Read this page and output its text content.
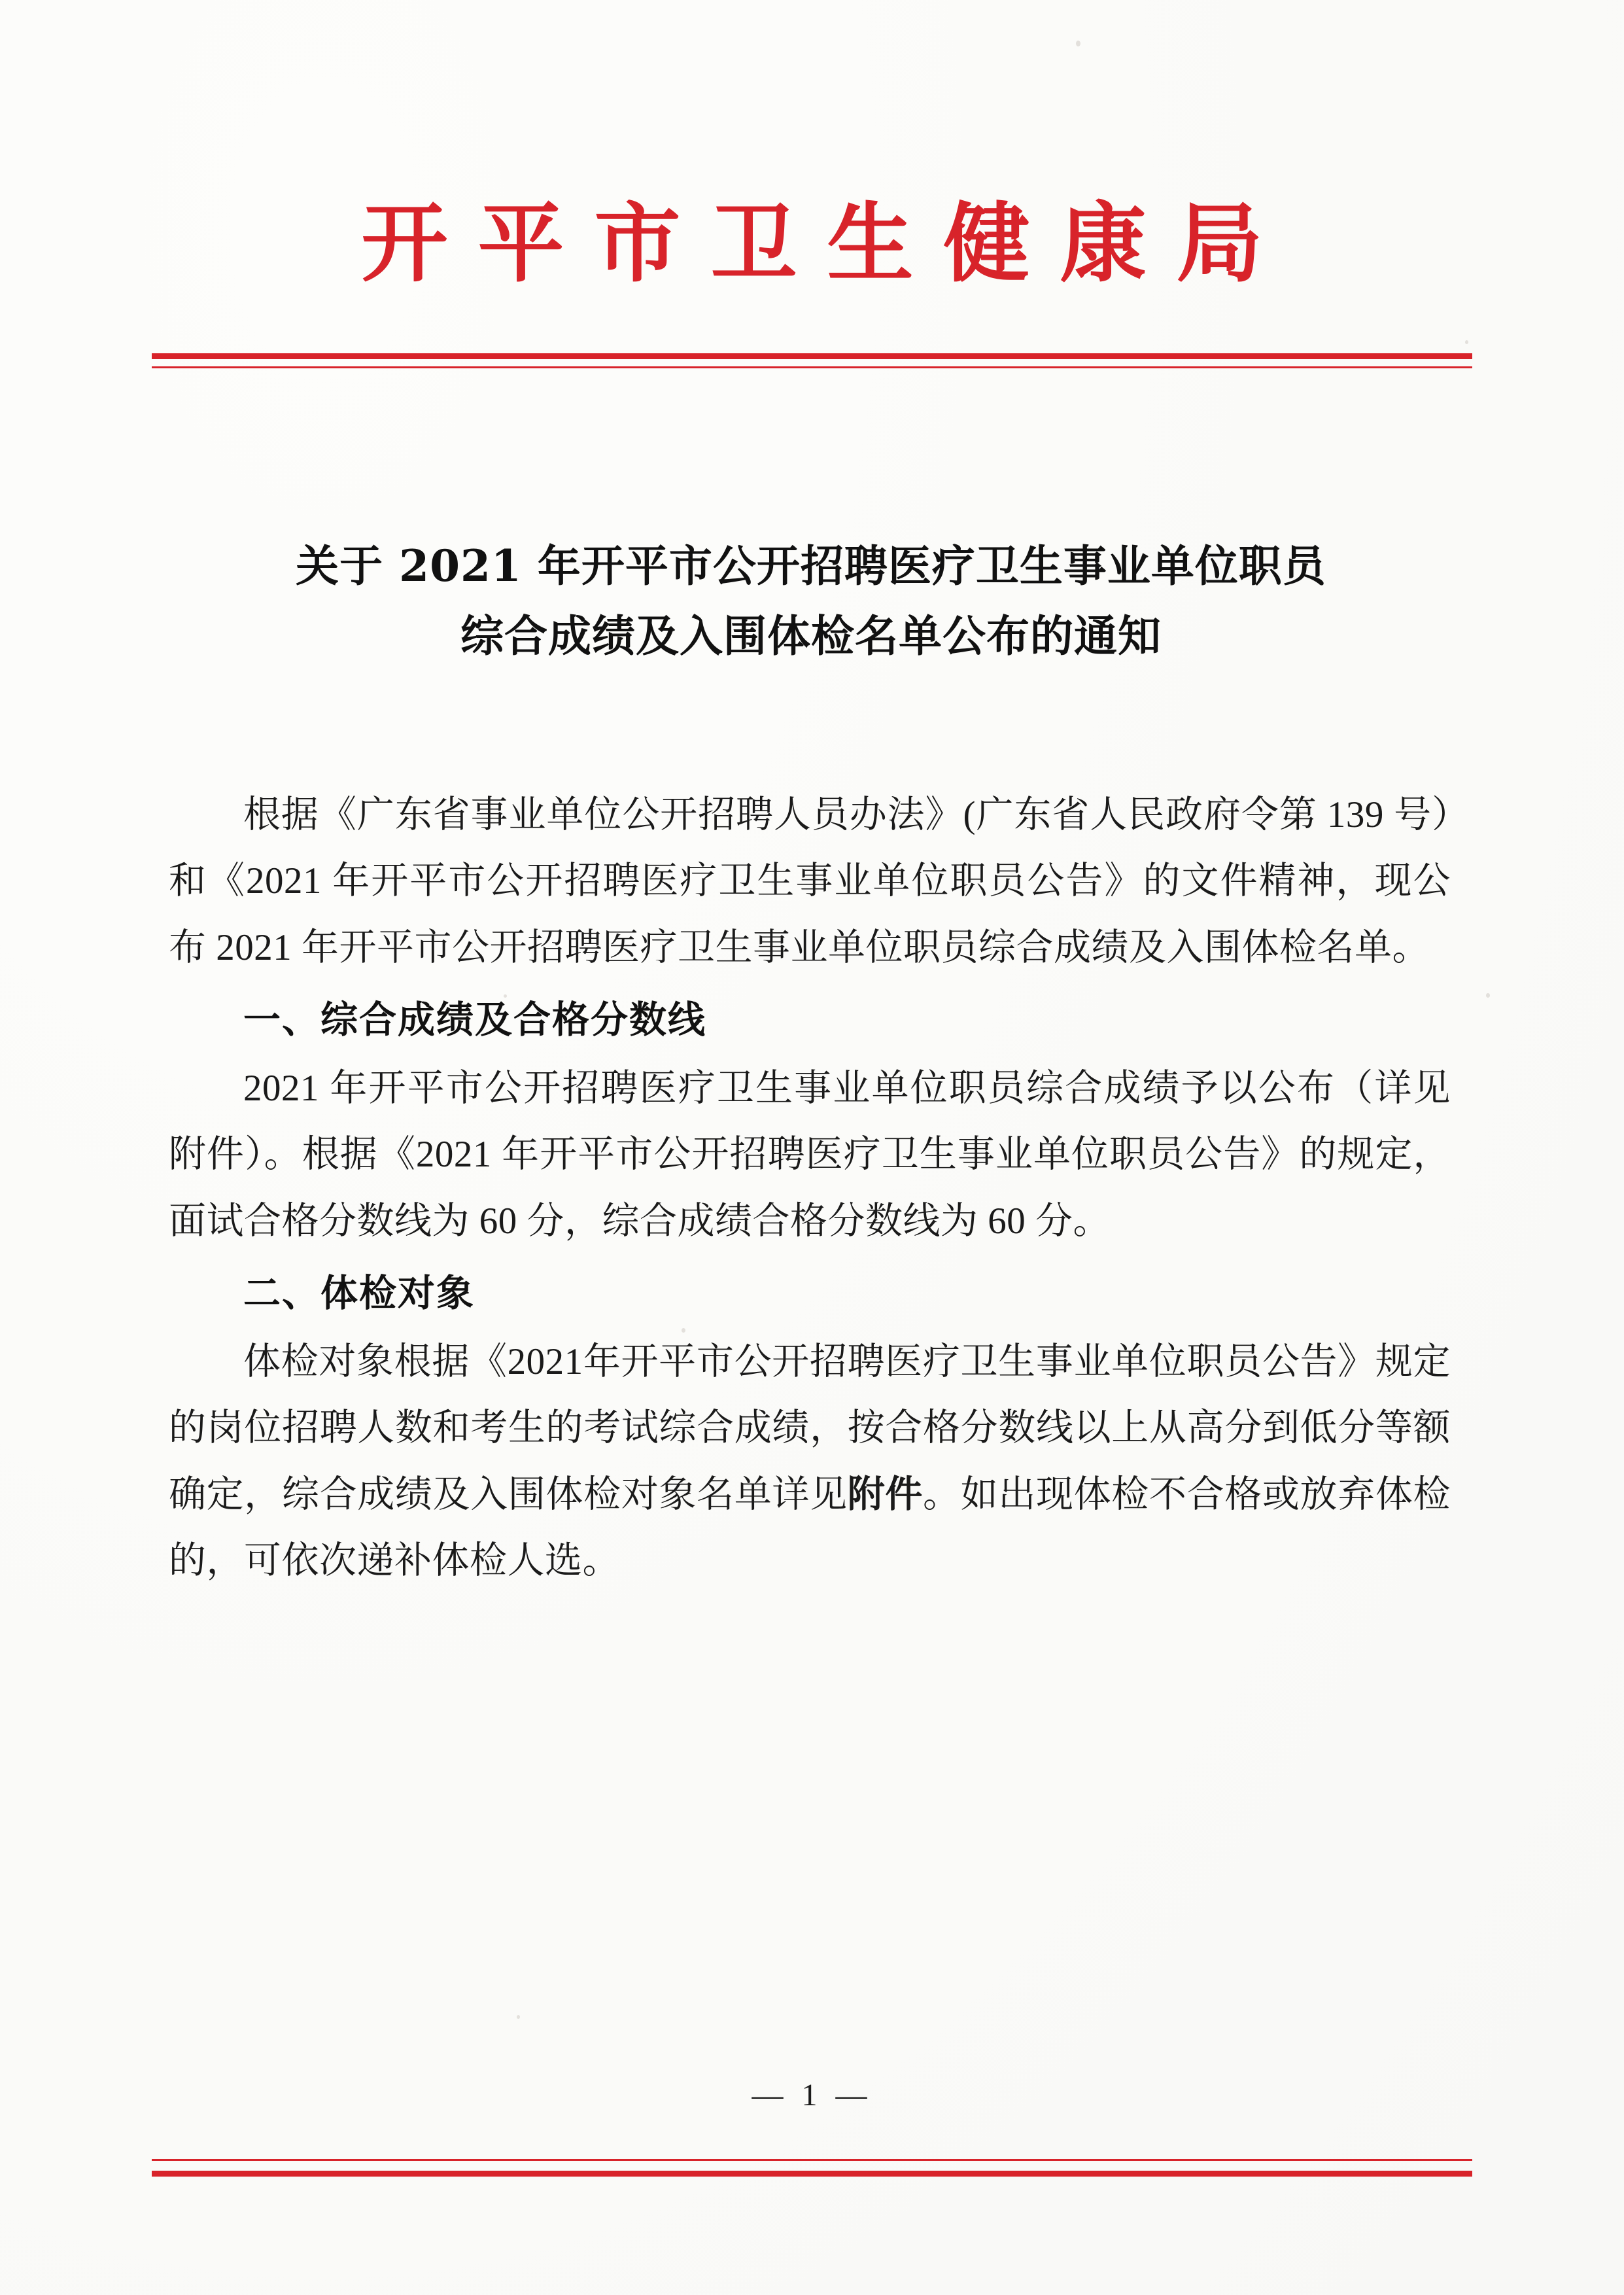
开平市卫生健康局
关于 2021 年开平市公开招聘医疗卫生事业单位职员
综合成绩及入围体检名单公布的通知

根据《广东省事业单位公开招聘人员办法》(广东省人民政府令第 139 号）和《2021 年开平市公开招聘医疗卫生事业单位职员公告》的文件精神，现公布 2021 年开平市公开招聘医疗卫生事业单位职员综合成绩及入围体检名单。

一、综合成绩及合格分数线

2021 年开平市公开招聘医疗卫生事业单位职员综合成绩予以公布（详见附件）。根据《2021 年开平市公开招聘医疗卫生事业单位职员公告》的规定，面试合格分数线为 60 分，综合成绩合格分数线为 60 分。

二、体检对象

体检对象根据《2021年开平市公开招聘医疗卫生事业单位职员公告》规定的岗位招聘人数和考生的考试综合成绩，按合格分数线以上从高分到低分等额确定，综合成绩及入围体检对象名单详见附件。如出现体检不合格或放弃体检的，可依次递补体检人选。

— 1 —
